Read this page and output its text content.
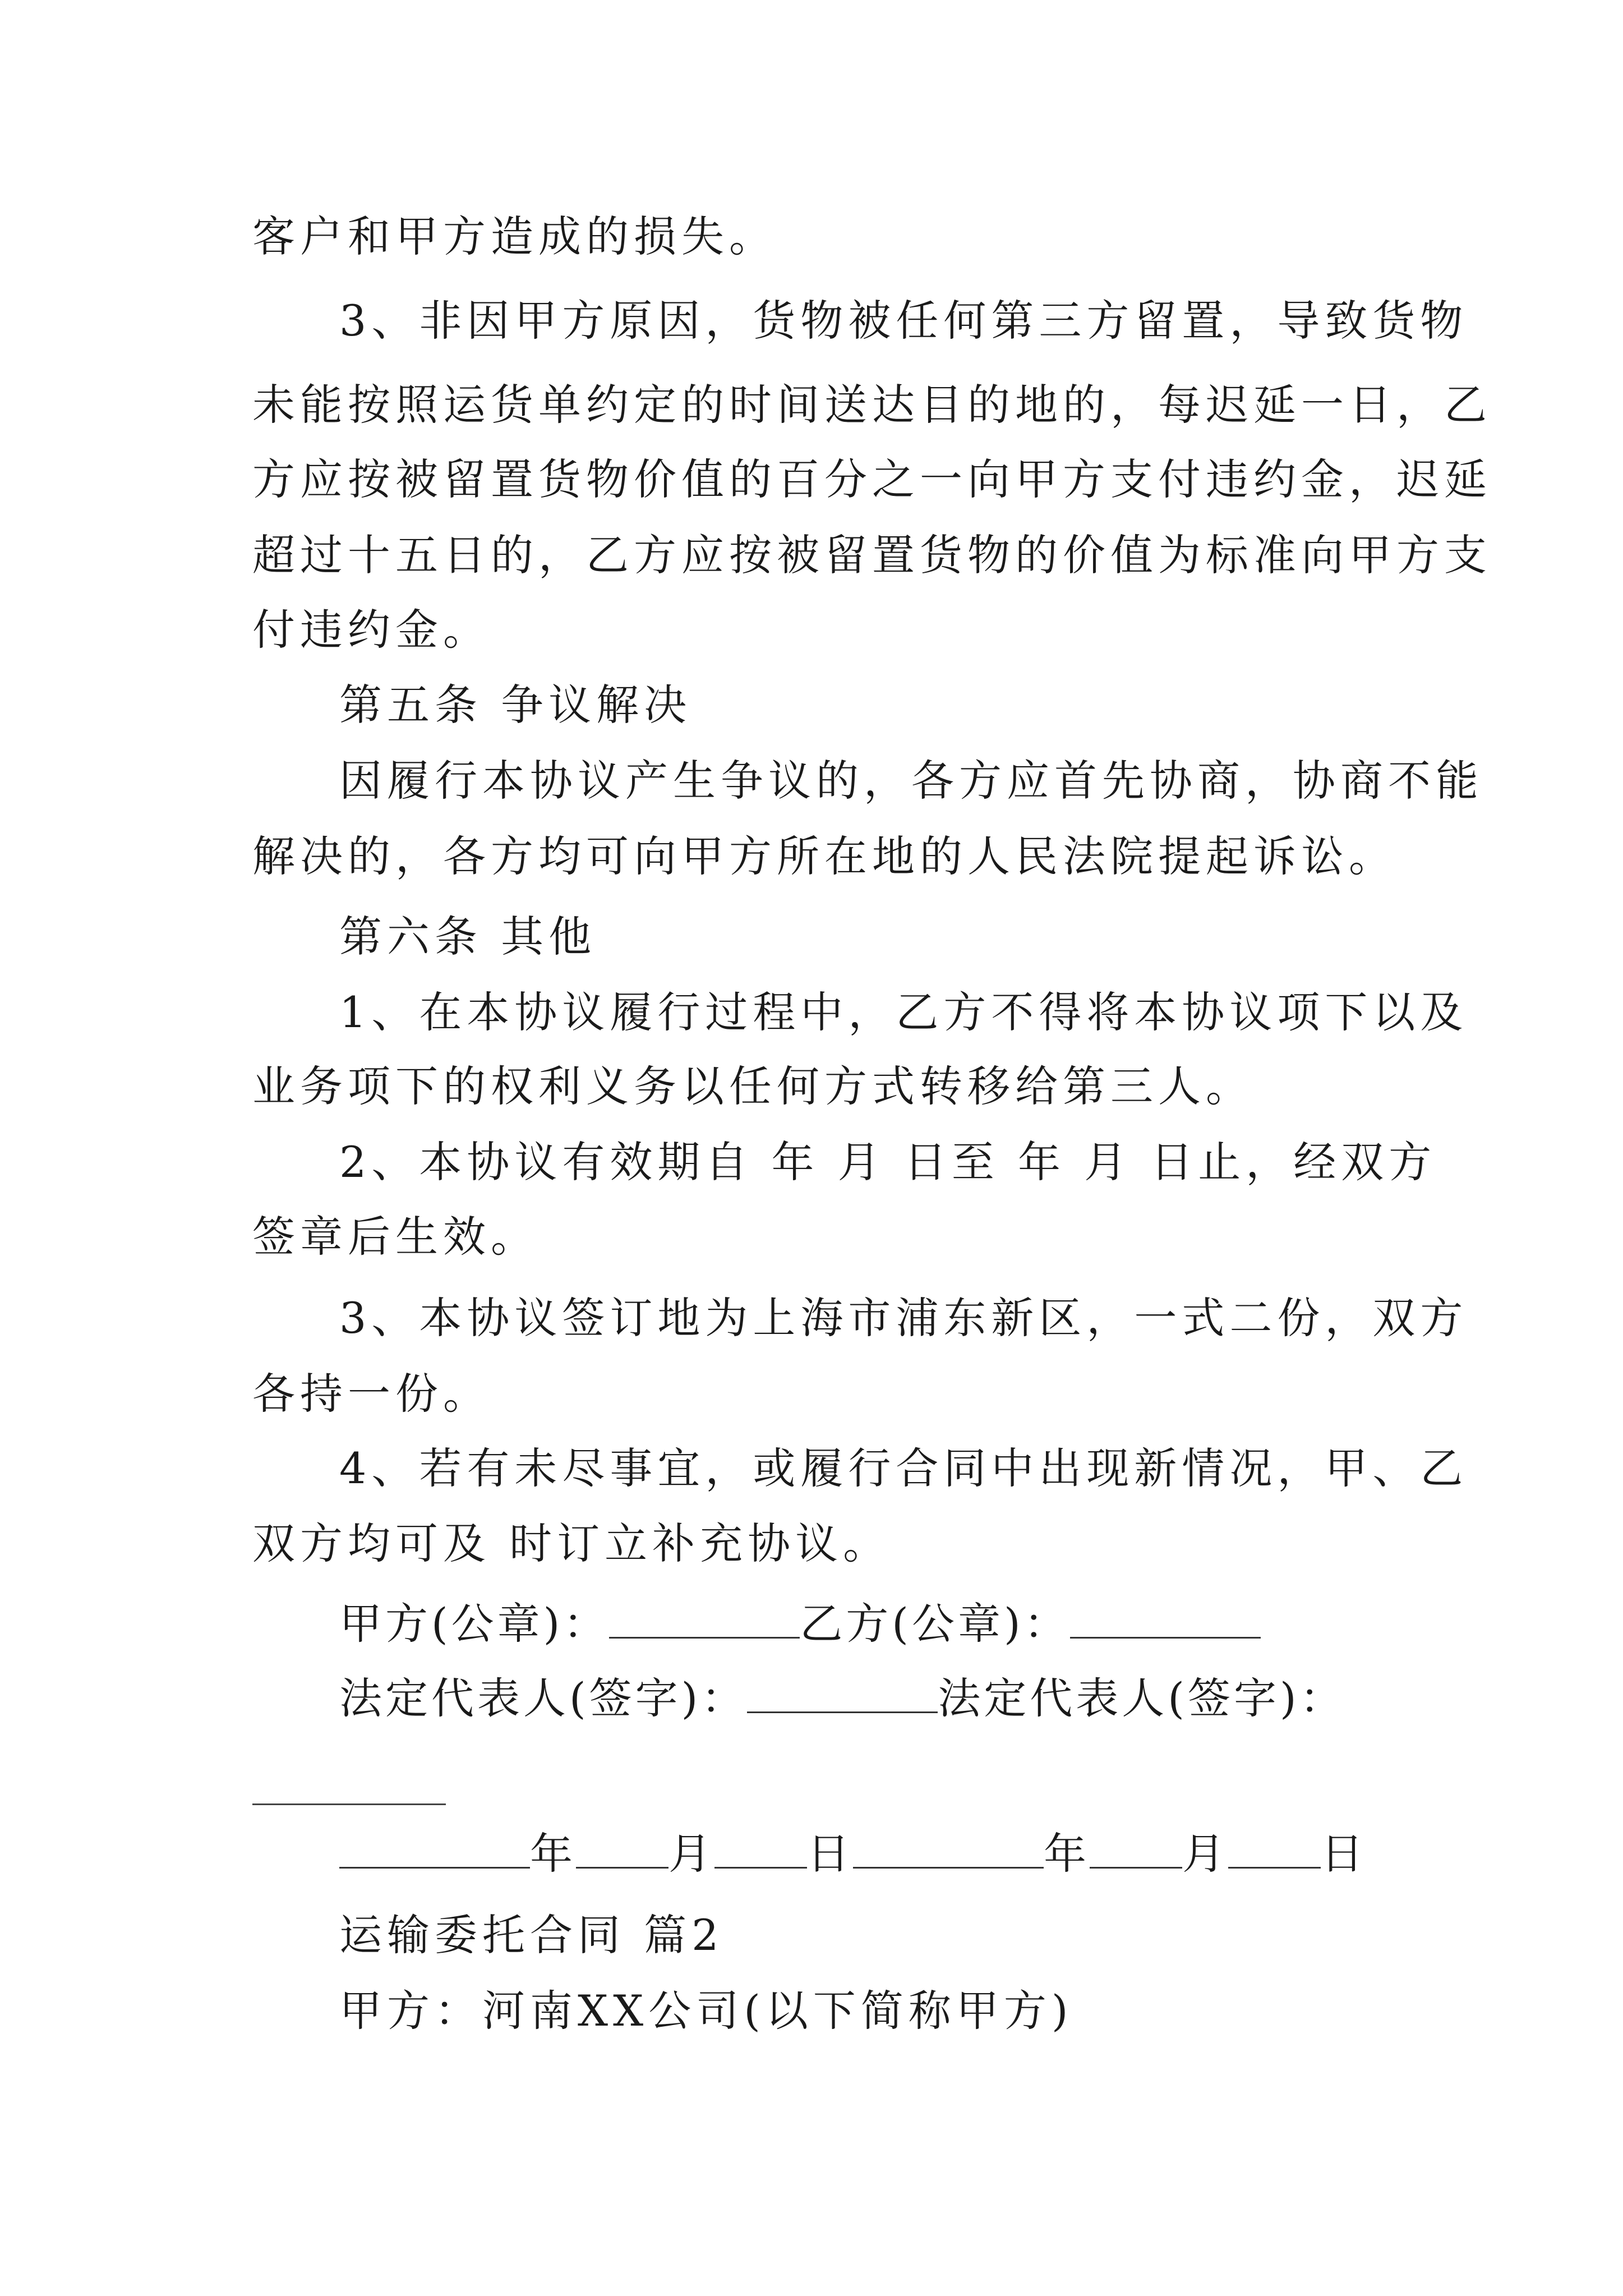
客户和甲方造成的损失。
3、非因甲方原因，货物被任何第三方留置，导致货物
未能按照运货单约定的时间送达目的地的，每迟延一日，乙
方应按被留置货物价值的百分之一向甲方支付违约金，迟延
超过十五日的，乙方应按被留置货物的价值为标准向甲方支
付违约金。
第五条 争议解决
因履行本协议产生争议的，各方应首先协商，协商不能
解决的，各方均可向甲方所在地的人民法院提起诉讼。
第六条 其他
1、在本协议履行过程中，乙方不得将本协议项下以及
业务项下的权利义务以任何方式转移给第三人。
2、本协议有效期自 年 月 日至 年 月 日止，经双方
签章后生效。
3、本协议签订地为上海市浦东新区，一式二份，双方
各持一份。
4、若有未尽事宜，或履行合同中出现新情况，甲、乙
双方均可及 时订立补充协议。
甲方(公章)：	乙方(公章)：
法定代表人(签字)：	法定代表人(签字)：
年 月 日	年 月 日
运输委托合同 篇2
甲方：河南XX公司(以下简称甲方)
